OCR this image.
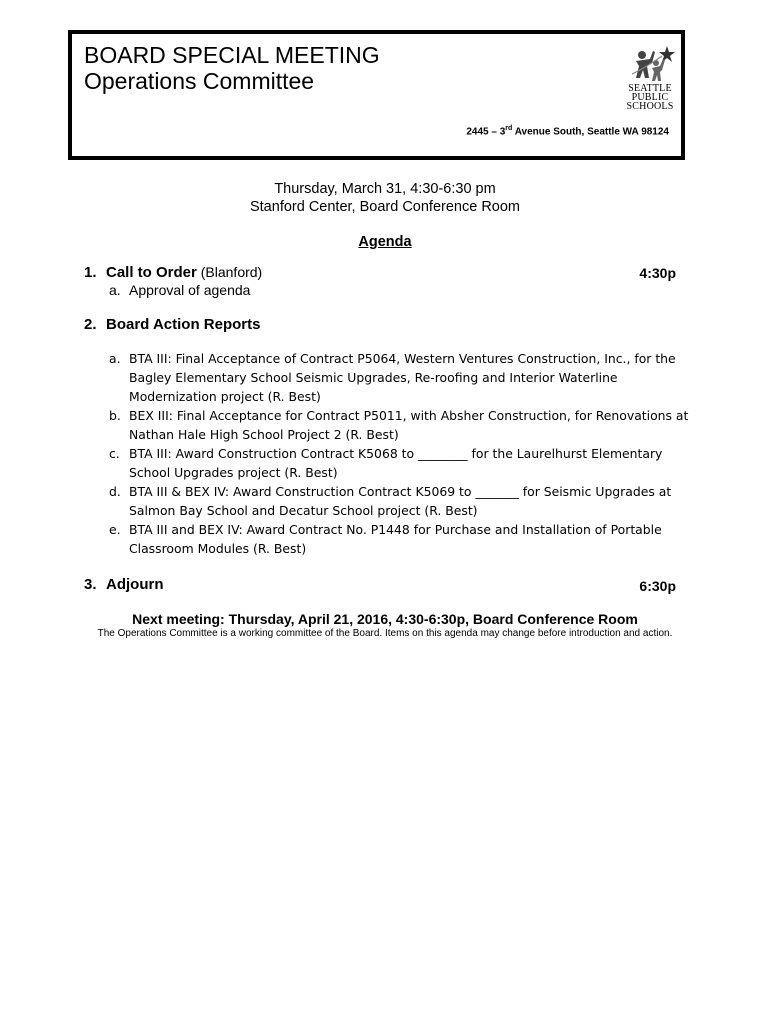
BOARD SPECIAL MEETING
Operations Committee	SEATTLE
PUBLIC
SCHOOLS
2445 – 3rd Avenue South, Seattle WA 98124
Thursday, March 31, 4:30-6:30 pm
Stanford Center, Board Conference Room
Agenda
1. Call to Order (Blanford)	4:30p
a. Approval of agenda
2. Board Action Reports
a. BTA III: Final Acceptance of Contract P5064, Western Ventures Construction, Inc., for the Bagley Elementary School Seismic Upgrades, Re-roofing and Interior Waterline Modernization project (R. Best)
b. BEX III: Final Acceptance for Contract P5011, with Absher Construction, for Renovations at Nathan Hale High School Project 2 (R. Best)
c. BTA III: Award Construction Contract K5068 to ________ for the Laurelhurst Elementary School Upgrades project (R. Best)
d. BTA III & BEX IV: Award Construction Contract K5069 to _______ for Seismic Upgrades at Salmon Bay School and Decatur School project (R. Best)
e. BTA III and BEX IV: Award Contract No. P1448 for Purchase and Installation of Portable Classroom Modules (R. Best)
3. Adjourn	6:30p
Next meeting: Thursday, April 21, 2016, 4:30-6:30p, Board Conference Room
The Operations Committee is a working committee of the Board. Items on this agenda may change before introduction and action.
